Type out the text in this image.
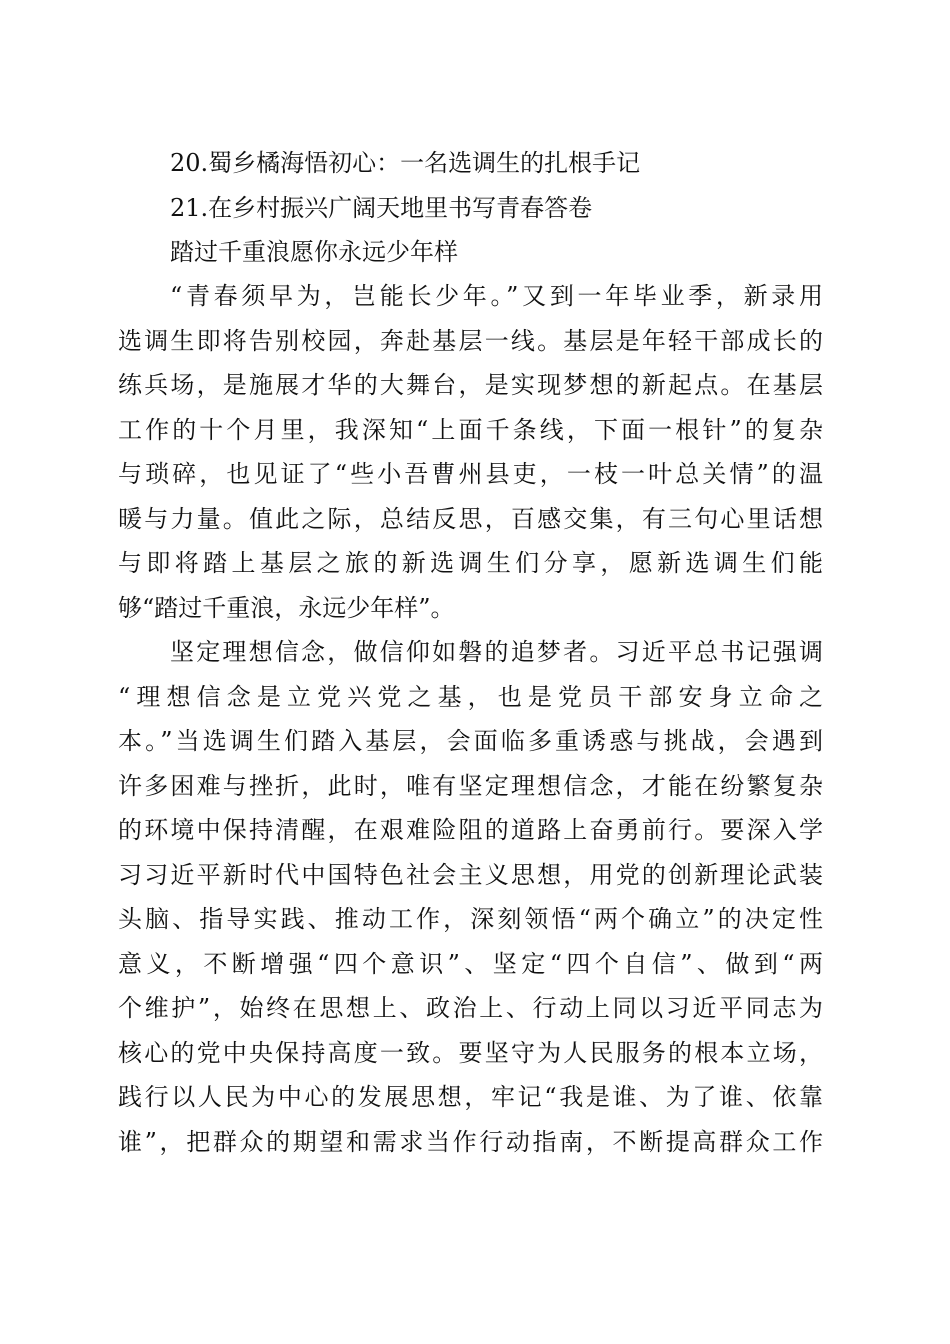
20.蜀乡橘海悟初心：一名选调生的扎根手记
21.在乡村振兴广阔天地里书写青春答卷
踏过千重浪愿你永远少年样
“青春须早为，岂能长少年。”又到一年毕业季，新录用
选调生即将告别校园，奔赴基层一线。基层是年轻干部成长的
练兵场，是施展才华的大舞台，是实现梦想的新起点。在基层
工作的十个月里，我深知“上面千条线，下面一根针”的复杂
与琐碎，也见证了“些小吾曹州县吏，一枝一叶总关情”的温
暖与力量。值此之际，总结反思，百感交集，有三句心里话想
与即将踏上基层之旅的新选调生们分享，愿新选调生们能
够“踏过千重浪，永远少年样”。
坚定理想信念，做信仰如磐的追梦者。习近平总书记强调
“理想信念是立党兴党之基，也是党员干部安身立命之
本。”当选调生们踏入基层，会面临多重诱惑与挑战，会遇到
许多困难与挫折，此时，唯有坚定理想信念，才能在纷繁复杂
的环境中保持清醒，在艰难险阻的道路上奋勇前行。要深入学
习习近平新时代中国特色社会主义思想，用党的创新理论武装
头脑、指导实践、推动工作，深刻领悟“两个确立”的决定性
意义，不断增强“四个意识”、坚定“四个自信”、做到“两
个维护”，始终在思想上、政治上、行动上同以习近平同志为
核心的党中央保持高度一致。要坚守为人民服务的根本立场，
践行以人民为中心的发展思想，牢记“我是谁、为了谁、依靠
谁”，把群众的期望和需求当作行动指南，不断提高群众工作
